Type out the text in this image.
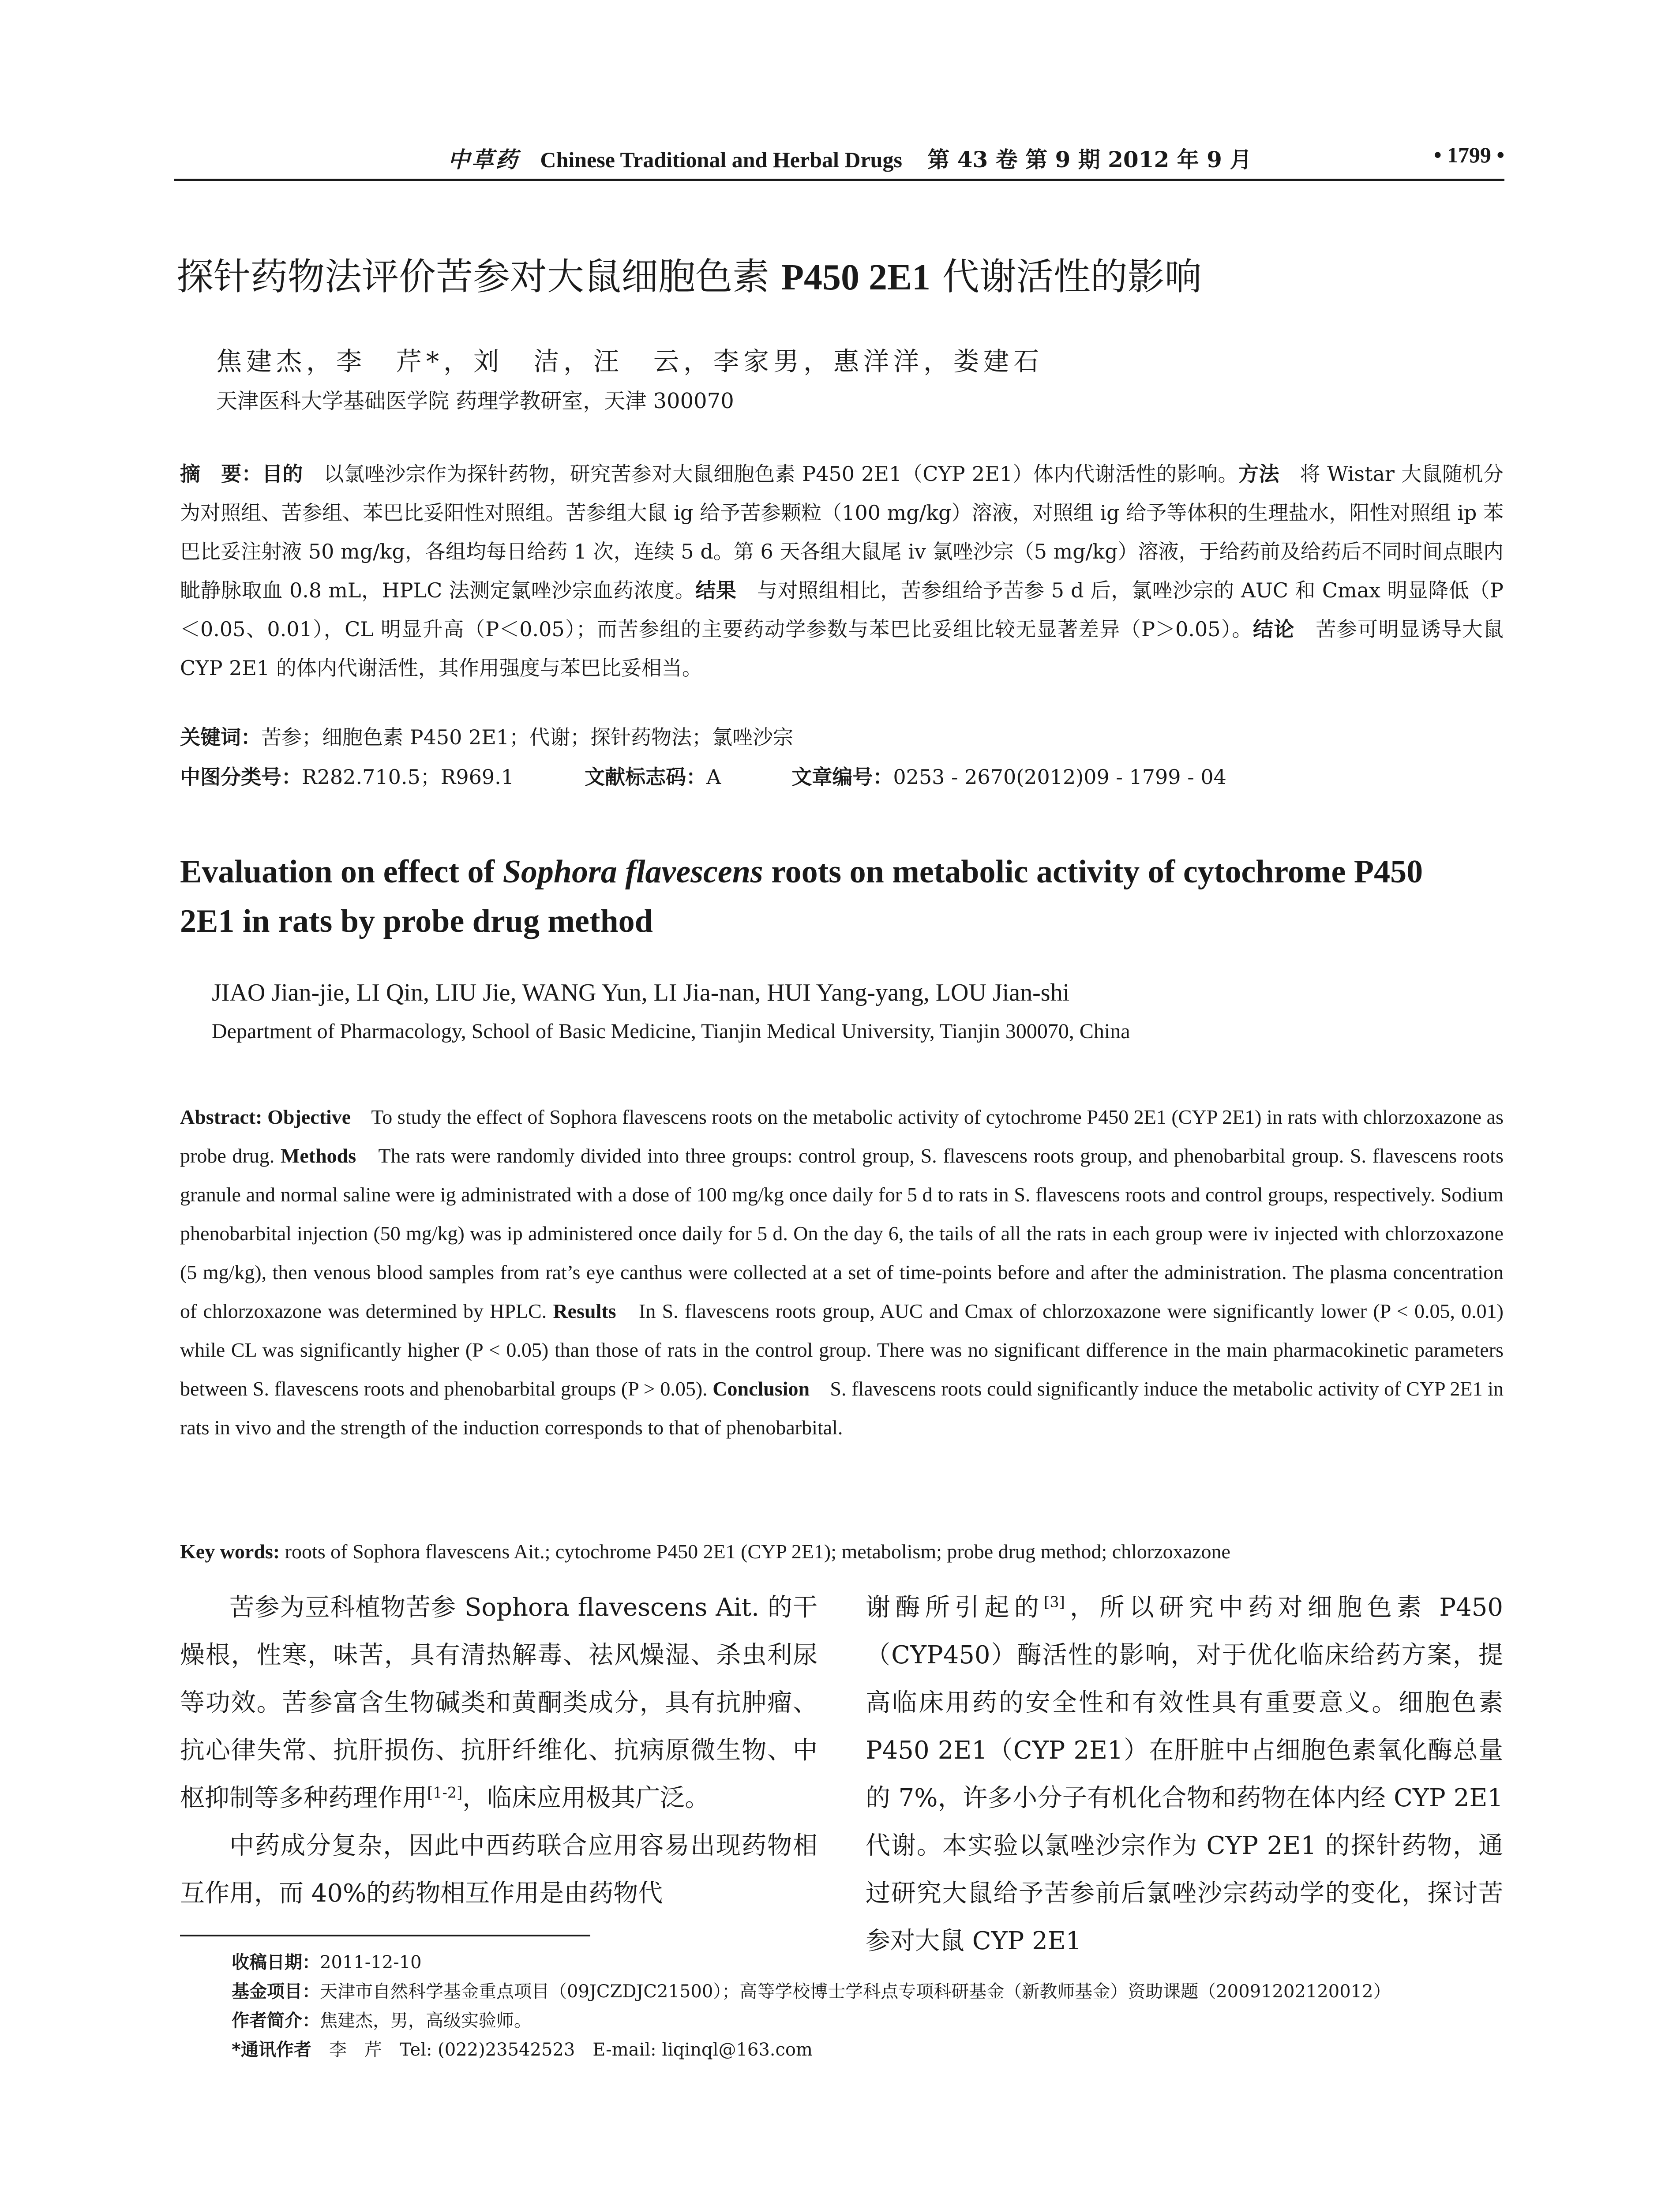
中草药 Chinese Traditional and Herbal Drugs 第 43 卷 第 9 期 2012 年 9 月	• 1799 •
探针药物法评价苦参对大鼠细胞色素 P450 2E1 代谢活性的影响
焦建杰，李　芹*，刘　洁，汪　云，李家男，惠洋洋，娄建石
天津医科大学基础医学院 药理学教研室，天津 300070
摘　要：目的　以氯唑沙宗作为探针药物，研究苦参对大鼠细胞色素 P450 2E1（CYP 2E1）体内代谢活性的影响。方法　将 Wistar 大鼠随机分为对照组、苦参组、苯巴比妥阳性对照组。苦参组大鼠 ig 给予苦参颗粒（100 mg/kg）溶液，对照组 ig 给予等体积的生理盐水，阳性对照组 ip 苯巴比妥注射液 50 mg/kg，各组均每日给药 1 次，连续 5 d。第 6 天各组大鼠尾 iv 氯唑沙宗（5 mg/kg）溶液，于给药前及给药后不同时间点眼内眦静脉取血 0.8 mL，HPLC 法测定氯唑沙宗血药浓度。结果　与对照组相比，苦参组给予苦参 5 d 后，氯唑沙宗的 AUC 和 Cmax 明显降低（P＜0.05、0.01），CL 明显升高（P＜0.05）；而苦参组的主要药动学参数与苯巴比妥组比较无显著差异（P＞0.05）。结论　苦参可明显诱导大鼠 CYP 2E1 的体内代谢活性，其作用强度与苯巴比妥相当。
关键词：苦参；细胞色素 P450 2E1；代谢；探针药物法；氯唑沙宗
中图分类号：R282.710.5；R969.1	文献标志码：A	文章编号：0253 - 2670(2012)09 - 1799 - 04
Evaluation on effect of Sophora flavescens roots on metabolic activity of cytochrome P450 2E1 in rats by probe drug method
JIAO Jian-jie, LI Qin, LIU Jie, WANG Yun, LI Jia-nan, HUI Yang-yang, LOU Jian-shi
Department of Pharmacology, School of Basic Medicine, Tianjin Medical University, Tianjin 300070, China
Abstract: Objective　To study the effect of Sophora flavescens roots on the metabolic activity of cytochrome P450 2E1 (CYP 2E1) in rats with chlorzoxazone as probe drug. Methods　The rats were randomly divided into three groups: control group, S. flavescens roots group, and phenobarbital group. S. flavescens roots granule and normal saline were ig administrated with a dose of 100 mg/kg once daily for 5 d to rats in S. flavescens roots and control groups, respectively. Sodium phenobarbital injection (50 mg/kg) was ip administered once daily for 5 d. On the day 6, the tails of all the rats in each group were iv injected with chlorzoxazone (5 mg/kg), then venous blood samples from rat’s eye canthus were collected at a set of time-points before and after the administration. The plasma concentration of chlorzoxazone was determined by HPLC. Results　In S. flavescens roots group, AUC and Cmax of chlorzoxazone were significantly lower (P < 0.05, 0.01) while CL was significantly higher (P < 0.05) than those of rats in the control group. There was no significant difference in the main pharmacokinetic parameters between S. flavescens roots and phenobarbital groups (P > 0.05). Conclusion　S. flavescens roots could significantly induce the metabolic activity of CYP 2E1 in rats in vivo and the strength of the induction corresponds to that of phenobarbital.
Key words: roots of Sophora flavescens Ait.; cytochrome P450 2E1 (CYP 2E1); metabolism; probe drug method; chlorzoxazone

苦参为豆科植物苦参 Sophora flavescens Ait. 的干燥根，性寒，味苦，具有清热解毒、祛风燥湿、杀虫利尿等功效。苦参富含生物碱类和黄酮类成分，具有抗肿瘤、抗心律失常、抗肝损伤、抗肝纤维化、抗病原微生物、中枢抑制等多种药理作用[1-2]，临床应用极其广泛。

中药成分复杂，因此中西药联合应用容易出现药物相互作用，而 40%的药物相互作用是由药物代

谢酶所引起的[3]，所以研究中药对细胞色素 P450（CYP450）酶活性的影响，对于优化临床给药方案，提高临床用药的安全性和有效性具有重要意义。细胞色素 P450 2E1（CYP 2E1）在肝脏中占细胞色素氧化酶总量的 7%，许多小分子有机化合物和药物在体内经 CYP 2E1 代谢。本实验以氯唑沙宗作为 CYP 2E1 的探针药物，通过研究大鼠给予苦参前后氯唑沙宗药动学的变化，探讨苦参对大鼠 CYP 2E1

收稿日期：2011-12-10
基金项目：天津市自然科学基金重点项目（09JCZDJC21500）；高等学校博士学科点专项科研基金（新教师基金）资助课题（20091202120012）
作者简介：焦建杰，男，高级实验师。
*通讯作者　李　芹　Tel: (022)23542523　E-mail: liqinql@163.com
